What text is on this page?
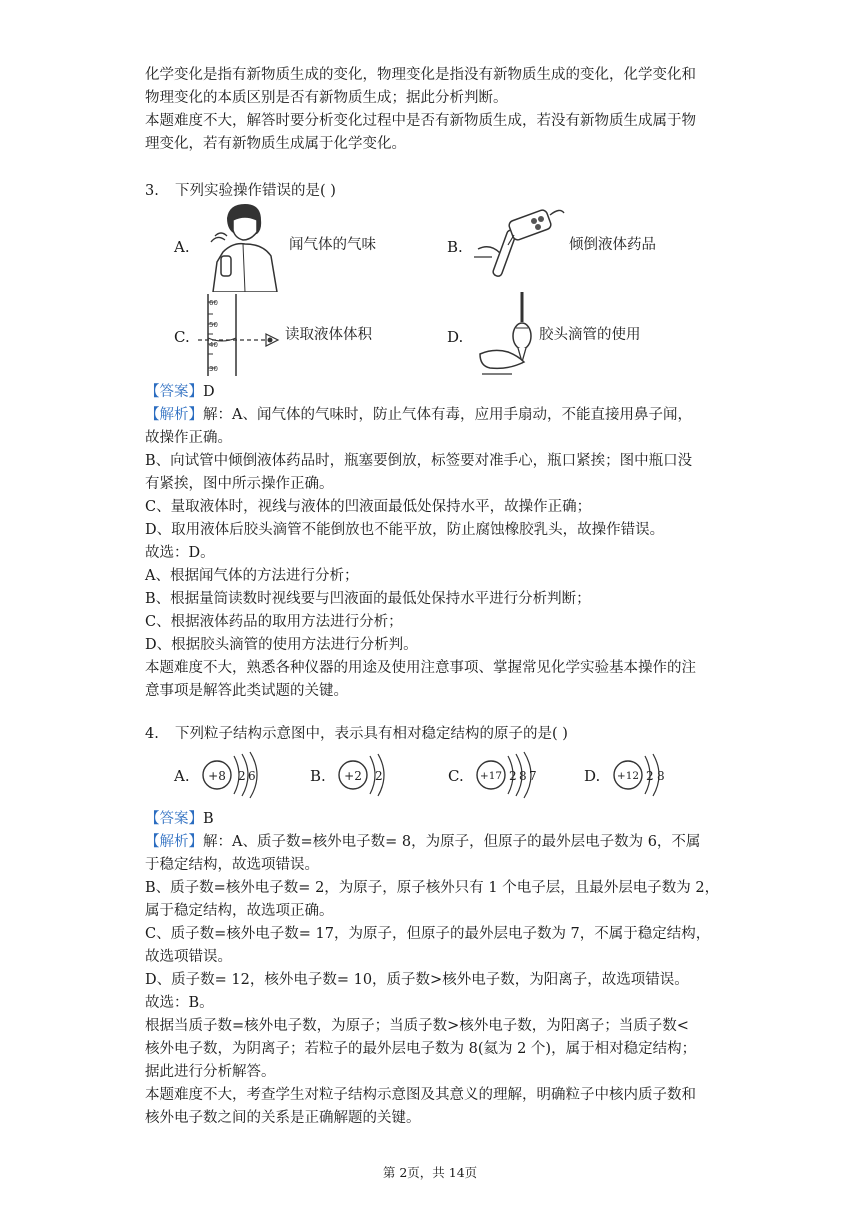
化学变化是指有新物质生成的变化，物理变化是指没有新物质生成的变化，化学变化和
物理变化的本质区别是否有新物质生成；据此分析判断。
本题难度不大，解答时要分析变化过程中是否有新物质生成，若没有新物质生成属于物
理变化，若有新物质生成属于化学变化。
3. 下列实验操作错误的是( )
A.	闻气体的气味	B.	倾倒液体药品
C.
60
50
40
30
读取液体体积	D.	胶头滴管的使用
【答案】D
【解析】解：A、闻气体的气味时，防止气体有毒，应用手扇动，不能直接用鼻子闻，
故操作正确。
B、向试管中倾倒液体药品时，瓶塞要倒放，标签要对准手心，瓶口紧挨；图中瓶口没
有紧挨，图中所示操作正确。
C、量取液体时，视线与液体的凹液面最低处保持水平，故操作正确；
D、取用液体后胶头滴管不能倒放也不能平放，防止腐蚀橡胶乳头，故操作错误。
故选：D。
A、根据闻气体的方法进行分析；
B、根据量筒读数时视线要与凹液面的最低处保持水平进行分析判断；
C、根据液体药品的取用方法进行分析；
D、根据胶头滴管的使用方法进行分析判。
本题难度不大，熟悉各种仪器的用途及使用注意事项、掌握常见化学实验基本操作的注
意事项是解答此类试题的关键。
4. 下列粒子结构示意图中，表示具有相对稳定结构的原子的是( )
A. +8 2 6	B. +2 2	C. +17 2 8 7	D. +12 2 8
【答案】B
【解析】解：A、质子数=核外电子数= 8，为原子，但原子的最外层电子数为 6，不属
于稳定结构，故选项错误。
B、质子数=核外电子数= 2，为原子，原子核外只有 1 个电子层，且最外层电子数为 2，
属于稳定结构，故选项正确。
C、质子数=核外电子数= 17，为原子，但原子的最外层电子数为 7，不属于稳定结构，
故选项错误。
D、质子数= 12，核外电子数= 10，质子数>核外电子数，为阳离子，故选项错误。
故选：B。
根据当质子数=核外电子数，为原子；当质子数>核外电子数，为阳离子；当质子数<
核外电子数，为阴离子；若粒子的最外层电子数为 8(氦为 2 个)，属于相对稳定结构；
据此进行分析解答。
本题难度不大，考查学生对粒子结构示意图及其意义的理解，明确粒子中核内质子数和
核外电子数之间的关系是正确解题的关键。
第 2页，共 14页
